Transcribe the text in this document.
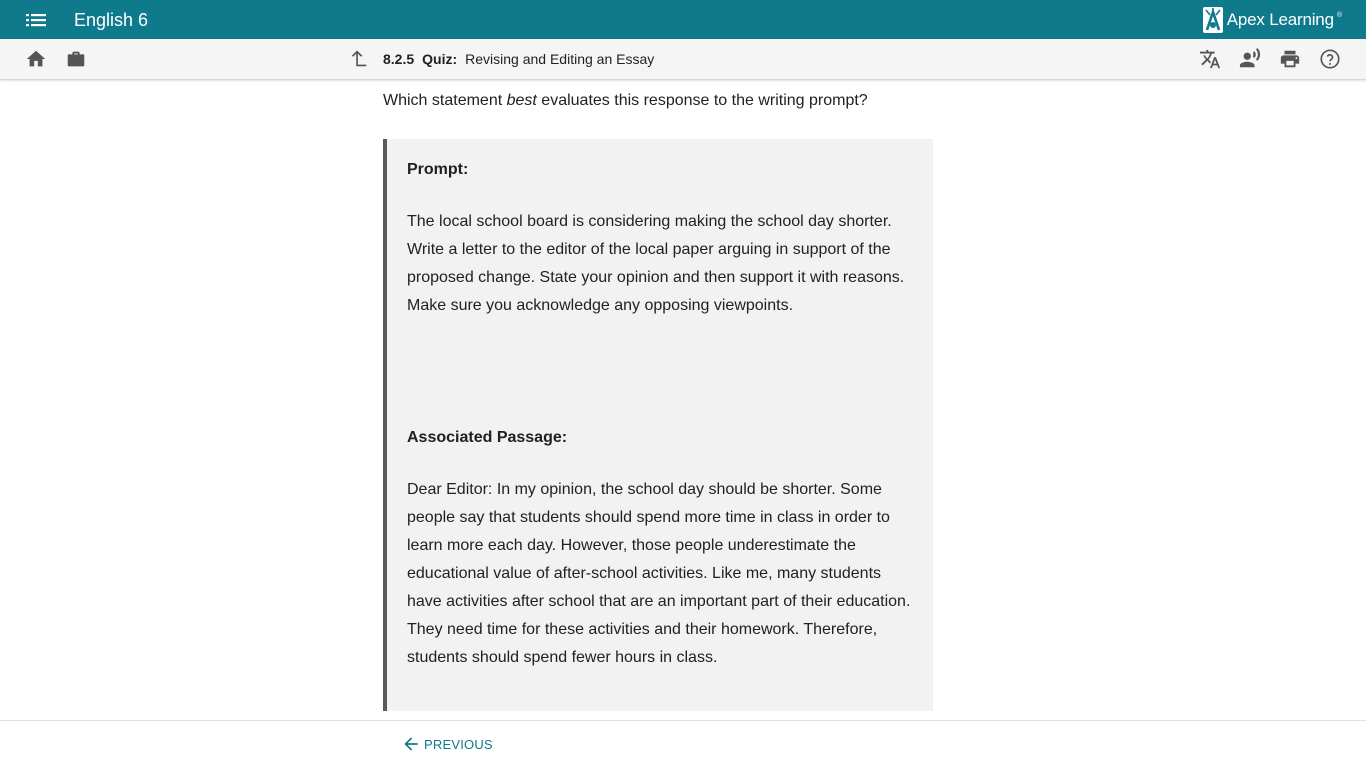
English 6	Apex Learning ®
8.2.5 Quiz: Revising and Editing an Essay

Which statement best evaluates this response to the writing prompt?

Prompt:

The local school board is considering making the school day shorter. Write a letter to the editor of the local paper arguing in support of the proposed change. State your opinion and then support it with reasons. Make sure you acknowledge any opposing viewpoints.

Associated Passage:

Dear Editor: In my opinion, the school day should be shorter. Some people say that students should spend more time in class in order to learn more each day. However, those people underestimate the educational value of after-school activities. Like me, many students have activities after school that are an important part of their education. They need time for these activities and their homework. Therefore, students should spend fewer hours in class.

PREVIOUS
